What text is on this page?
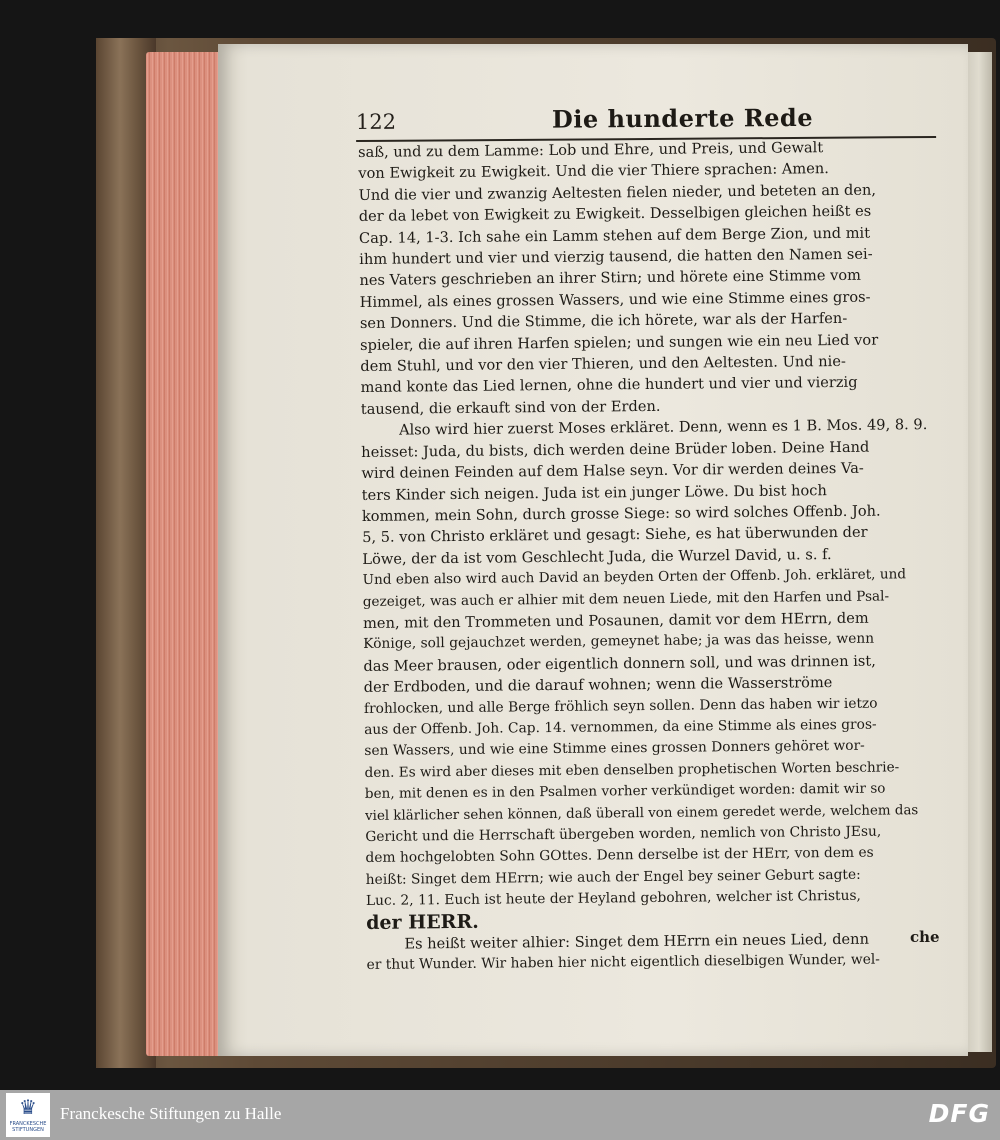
122	Die hunderte Rede

saß, und zu dem Lamme: Lob und Ehre, und Preis, und Gewalt

von Ewigkeit zu Ewigkeit. Und die vier Thiere sprachen: Amen.

Und die vier und zwanzig Aeltesten fielen nieder, und beteten an den,

der da lebet von Ewigkeit zu Ewigkeit. Desselbigen gleichen heißt es

Cap. 14, 1-3. Ich sahe ein Lamm stehen auf dem Berge Zion, und mit

ihm hundert und vier und vierzig tausend, die hatten den Namen sei-

nes Vaters geschrieben an ihrer Stirn; und hörete eine Stimme vom

Himmel, als eines grossen Wassers, und wie eine Stimme eines gros-

sen Donners. Und die Stimme, die ich hörete, war als der Harfen-

spieler, die auf ihren Harfen spielen; und sungen wie ein neu Lied vor

dem Stuhl, und vor den vier Thieren, und den Aeltesten. Und nie-

mand konte das Lied lernen, ohne die hundert und vier und vierzig

tausend, die erkauft sind von der Erden.

Also wird hier zuerst Moses erkläret. Denn, wenn es 1 B. Mos. 49, 8. 9.

heisset: Juda, du bists, dich werden deine Brüder loben. Deine Hand

wird deinen Feinden auf dem Halse seyn. Vor dir werden deines Va-

ters Kinder sich neigen. Juda ist ein junger Löwe. Du bist hoch

kommen, mein Sohn, durch grosse Siege: so wird solches Offenb. Joh.

5, 5. von Christo erkläret und gesagt: Siehe, es hat überwunden der

Löwe, der da ist vom Geschlecht Juda, die Wurzel David, u. s. f.

Und eben also wird auch David an beyden Orten der Offenb. Joh. erkläret, und

gezeiget, was auch er alhier mit dem neuen Liede, mit den Harfen und Psal-

men, mit den Trommeten und Posaunen, damit vor dem HErrn, dem

Könige, soll gejauchzet werden, gemeynet habe; ja was das heisse, wenn

das Meer brausen, oder eigentlich donnern soll, und was drinnen ist,

der Erdboden, und die darauf wohnen; wenn die Wasserströme

frohlocken, und alle Berge fröhlich seyn sollen. Denn das haben wir ietzo

aus der Offenb. Joh. Cap. 14. vernommen, da eine Stimme als eines gros-

sen Wassers, und wie eine Stimme eines grossen Donners gehöret wor-

den. Es wird aber dieses mit eben denselben prophetischen Worten beschrie-

ben, mit denen es in den Psalmen vorher verkündiget worden: damit wir so

viel klärlicher sehen können, daß überall von einem geredet werde, welchem das

Gericht und die Herrschaft übergeben worden, nemlich von Christo JEsu,

dem hochgelobten Sohn GOttes. Denn derselbe ist der HErr, von dem es

heißt: Singet dem HErrn; wie auch der Engel bey seiner Geburt sagte:

Luc. 2, 11. Euch ist heute der Heyland gebohren, welcher ist Christus,

der HERR.

Es heißt weiter alhier: Singet dem HErrn ein neues Lied, denn

er thut Wunder. Wir haben hier nicht eigentlich dieselbigen Wunder, wel-

che
♛
FRANCKESCHE STIFTUNGEN
Franckesche Stiftungen zu Halle	DFG
